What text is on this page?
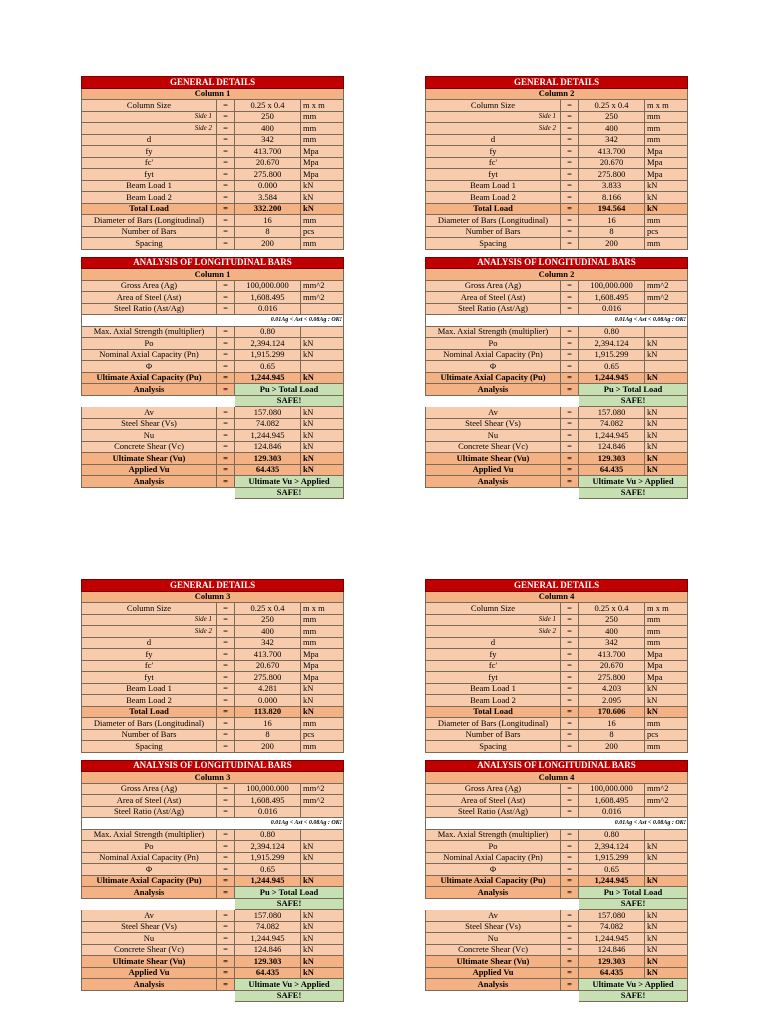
GENERAL DETAILS			
Column 1			
Column Size	=	0.25 x 0.4	m x m
Side 1	=	250	mm
Side 2	=	400	mm
d	=	342	mm
fy	=	413.700	Mpa
fc'	=	20.670	Mpa
fyt	=	275.800	Mpa
Beam Load 1	=	0.000	kN
Beam Load 2	=	3.584	kN
Total Load	=	332.200	kN
Diameter of Bars (Longitudinal)	=	16	mm
Number of Bars	=	8	pcs
Spacing	=	200	mm
ANALYSIS OF LONGITUDINAL BARS			
Column 1			
Gross Area (Ag)	=	100,000.000	mm^2
Area of Steel (Ast)	=	1,608.495	mm^2
Steel Ratio (Ast/Ag)	=	0.016	
0.01Ag < Ast < 0.08Ag : OK!			
Max. Axial Strength (multiplier)	=	0.80	
Po	=	2,394.124	kN
Nominal Axial Capacity (Pn)	=	1,915.299	kN
Φ	=	0.65	
Ultimate Axial Capacity (Pu)	=	1,244.945	kN
Analysis	=	Pu > Total Load	
		SAFE!	
Av	=	157.080	kN
Steel Shear (Vs)	=	74.082	kN
Nu	=	1,244.945	kN
Concrete Shear (Vc)	=	124.846	kN
Ultimate Shear (Vu)	=	129.303	kN
Applied Vu	=	64.435	kN
Analysis	=	Ultimate Vu > Applied	
		SAFE!	
GENERAL DETAILS			
Column 2			
Column Size	=	0.25 x 0.4	m x m
Side 1	=	250	mm
Side 2	=	400	mm
d	=	342	mm
fy	=	413.700	Mpa
fc'	=	20.670	Mpa
fyt	=	275.800	Mpa
Beam Load 1	=	3.833	kN
Beam Load 2	=	8.166	kN
Total Load	=	194.564	kN
Diameter of Bars (Longitudinal)	=	16	mm
Number of Bars	=	8	pcs
Spacing	=	200	mm
ANALYSIS OF LONGITUDINAL BARS			
Column 2			
Gross Area (Ag)	=	100,000.000	mm^2
Area of Steel (Ast)	=	1,608.495	mm^2
Steel Ratio (Ast/Ag)	=	0.016	
0.01Ag < Ast < 0.08Ag : OK!			
Max. Axial Strength (multiplier)	=	0.80	
Po	=	2,394.124	kN
Nominal Axial Capacity (Pn)	=	1,915.299	kN
Φ	=	0.65	
Ultimate Axial Capacity (Pu)	=	1,244.945	kN
Analysis	=	Pu > Total Load	
		SAFE!	
Av	=	157.080	kN
Steel Shear (Vs)	=	74.082	kN
Nu	=	1,244.945	kN
Concrete Shear (Vc)	=	124.846	kN
Ultimate Shear (Vu)	=	129.303	kN
Applied Vu	=	64.435	kN
Analysis	=	Ultimate Vu > Applied	
		SAFE!	
GENERAL DETAILS			
Column 3			
Column Size	=	0.25 x 0.4	m x m
Side 1	=	250	mm
Side 2	=	400	mm
d	=	342	mm
fy	=	413.700	Mpa
fc'	=	20.670	Mpa
fyt	=	275.800	Mpa
Beam Load 1	=	4.281	kN
Beam Load 2	=	0.000	kN
Total Load	=	113.820	kN
Diameter of Bars (Longitudinal)	=	16	mm
Number of Bars	=	8	pcs
Spacing	=	200	mm
ANALYSIS OF LONGITUDINAL BARS			
Column 3			
Gross Area (Ag)	=	100,000.000	mm^2
Area of Steel (Ast)	=	1,608.495	mm^2
Steel Ratio (Ast/Ag)	=	0.016	
0.01Ag < Ast < 0.08Ag : OK!			
Max. Axial Strength (multiplier)	=	0.80	
Po	=	2,394.124	kN
Nominal Axial Capacity (Pn)	=	1,915.299	kN
Φ	=	0.65	
Ultimate Axial Capacity (Pu)	=	1,244.945	kN
Analysis	=	Pu > Total Load	
		SAFE!	
Av	=	157.080	kN
Steel Shear (Vs)	=	74.082	kN
Nu	=	1,244.945	kN
Concrete Shear (Vc)	=	124.846	kN
Ultimate Shear (Vu)	=	129.303	kN
Applied Vu	=	64.435	kN
Analysis	=	Ultimate Vu > Applied	
		SAFE!	
GENERAL DETAILS			
Column 4			
Column Size	=	0.25 x 0.4	m x m
Side 1	=	250	mm
Side 2	=	400	mm
d	=	342	mm
fy	=	413.700	Mpa
fc'	=	20.670	Mpa
fyt	=	275.800	Mpa
Beam Load 1	=	4.203	kN
Beam Load 2	=	2.095	kN
Total Load	=	170.606	kN
Diameter of Bars (Longitudinal)	=	16	mm
Number of Bars	=	8	pcs
Spacing	=	200	mm
ANALYSIS OF LONGITUDINAL BARS			
Column 4			
Gross Area (Ag)	=	100,000.000	mm^2
Area of Steel (Ast)	=	1,608.495	mm^2
Steel Ratio (Ast/Ag)	=	0.016	
0.01Ag < Ast < 0.08Ag : OK!			
Max. Axial Strength (multiplier)	=	0.80	
Po	=	2,394.124	kN
Nominal Axial Capacity (Pn)	=	1,915.299	kN
Φ	=	0.65	
Ultimate Axial Capacity (Pu)	=	1,244.945	kN
Analysis	=	Pu > Total Load	
		SAFE!	
Av	=	157.080	kN
Steel Shear (Vs)	=	74.082	kN
Nu	=	1,244.945	kN
Concrete Shear (Vc)	=	124.846	kN
Ultimate Shear (Vu)	=	129.303	kN
Applied Vu	=	64.435	kN
Analysis	=	Ultimate Vu > Applied	
		SAFE!	
